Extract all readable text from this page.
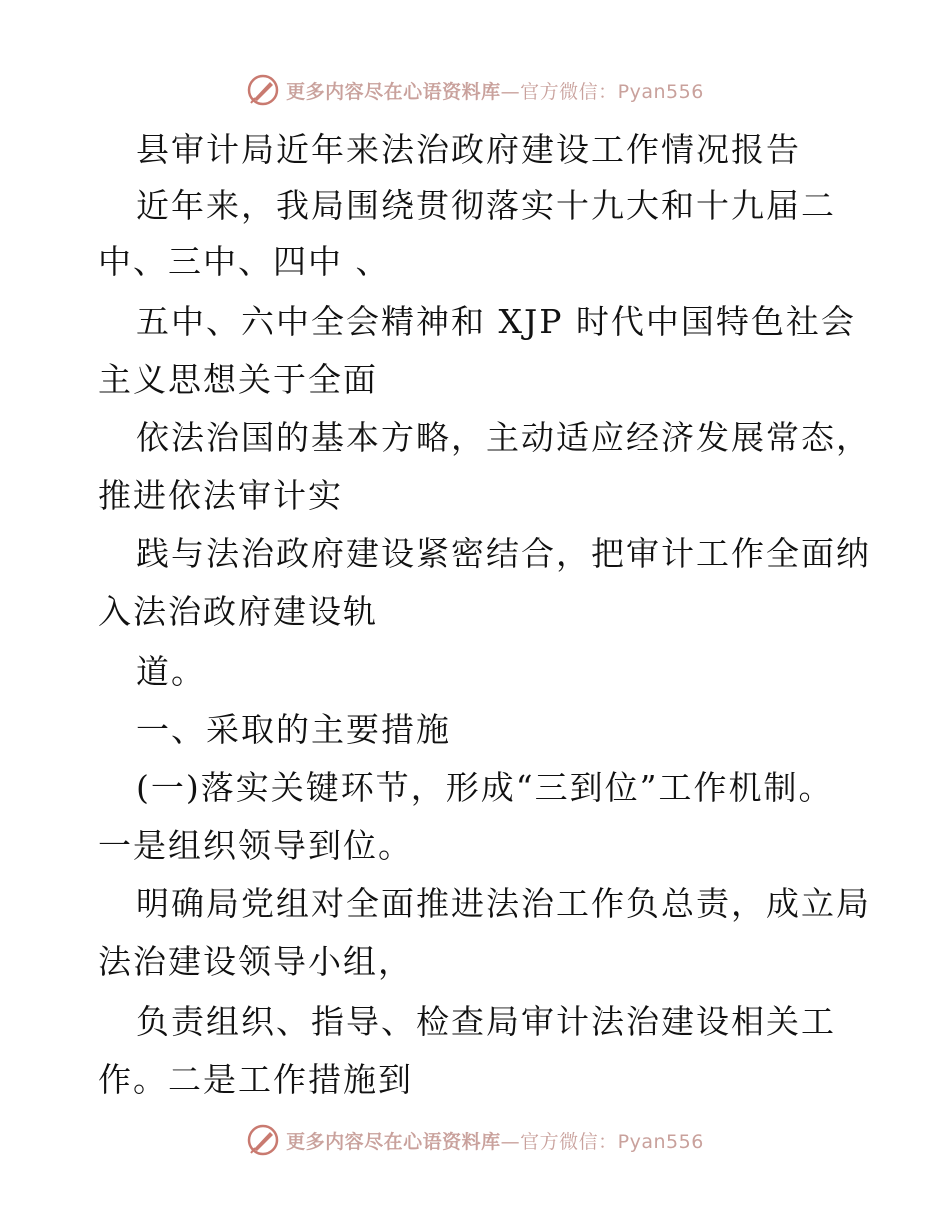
更多内容尽在心语资料库—官方微信：Pyan556
县审计局近年来法治政府建设工作情况报告
近年来，我局围绕贯彻落实十九大和十九届二
中、三中、四中 、
五中、六中全会精神和 XJP 时代中国特色社会
主义思想关于全面
依法治国的基本方略，主动适应经济发展常态，
推进依法审计实
践与法治政府建设紧密结合，把审计工作全面纳
入法治政府建设轨
道。
一、采取的主要措施
(一)落实关键环节，形成“三到位”工作机制。
一是组织领导到位。
明确局党组对全面推进法治工作负总责，成立局
法治建设领导小组，
负责组织、指导、检查局审计法治建设相关工
作。二是工作措施到
更多内容尽在心语资料库—官方微信：Pyan556
